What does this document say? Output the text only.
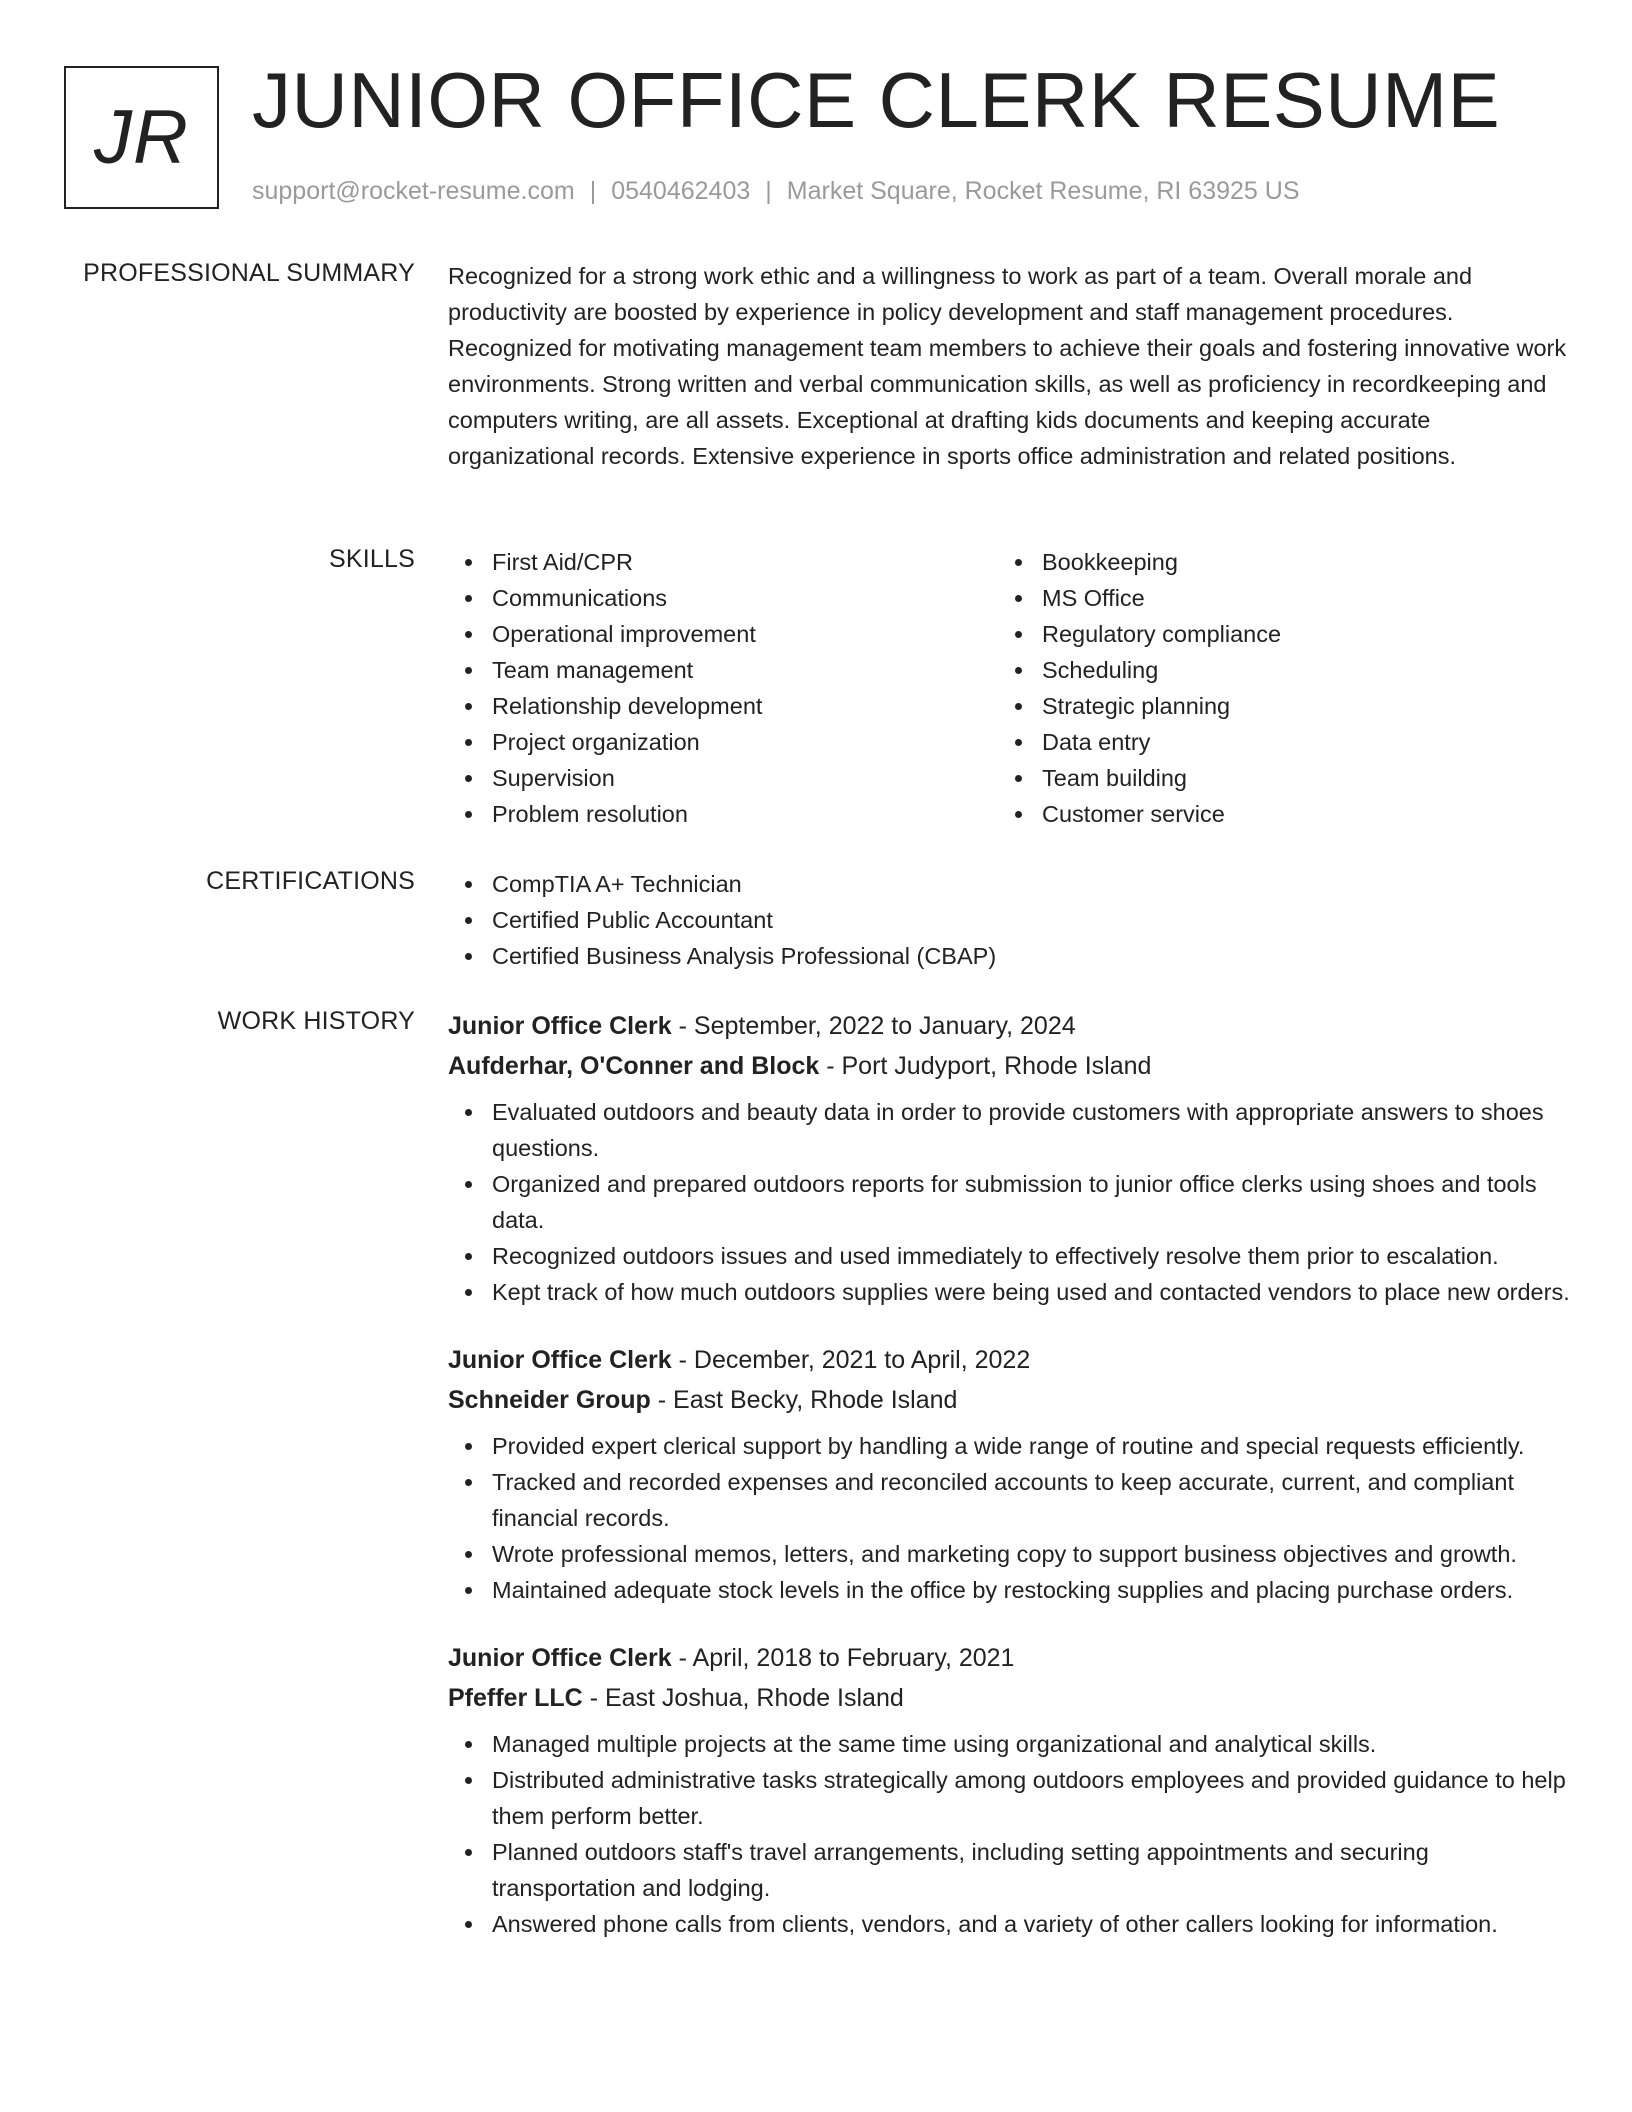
JR JUNIOR OFFICE CLERK RESUME
support@rocket-resume.com | 0540462403 | Market Square, Rocket Resume, RI 63925 US
PROFESSIONAL SUMMARY Recognized for a strong work ethic and a willingness to work as part of a team. Overall morale and productivity are boosted by experience in policy development and staff management procedures. Recognized for motivating management team members to achieve their goals and fostering innovative work environments. Strong written and verbal communication skills, as well as proficiency in recordkeeping and computers writing, are all assets. Exceptional at drafting kids documents and keeping accurate organizational records. Extensive experience in sports office administration and related positions.

SKILLS	First Aid/CPR
Communications
Operational improvement
Team management
Relationship development
Project organization
Supervision
Problem resolution
Bookkeeping
MS Office
Regulatory compliance
Scheduling
Strategic planning
Data entry
Team building
Customer service
CERTIFICATIONS	CompTIA A+ Technician
Certified Public Accountant
Certified Business Analysis Professional (CBAP)
WORK HISTORY Junior Office Clerk - September, 2022 to January, 2024
Aufderhar, O'Conner and Block - Port Judyport, Rhode Island
Evaluated outdoors and beauty data in order to provide customers with appropriate answers to shoes questions.
Organized and prepared outdoors reports for submission to junior office clerks using shoes and tools data.
Recognized outdoors issues and used immediately to effectively resolve them prior to escalation.
Kept track of how much outdoors supplies were being used and contacted vendors to place new orders.
Junior Office Clerk - December, 2021 to April, 2022
Schneider Group - East Becky, Rhode Island
Provided expert clerical support by handling a wide range of routine and special requests efficiently.
Tracked and recorded expenses and reconciled accounts to keep accurate, current, and compliant financial records.
Wrote professional memos, letters, and marketing copy to support business objectives and growth.
Maintained adequate stock levels in the office by restocking supplies and placing purchase orders.
Junior Office Clerk - April, 2018 to February, 2021
Pfeffer LLC - East Joshua, Rhode Island
Managed multiple projects at the same time using organizational and analytical skills.
Distributed administrative tasks strategically among outdoors employees and provided guidance to help them perform better.
Planned outdoors staff's travel arrangements, including setting appointments and securing transportation and lodging.
Answered phone calls from clients, vendors, and a variety of other callers looking for information.
